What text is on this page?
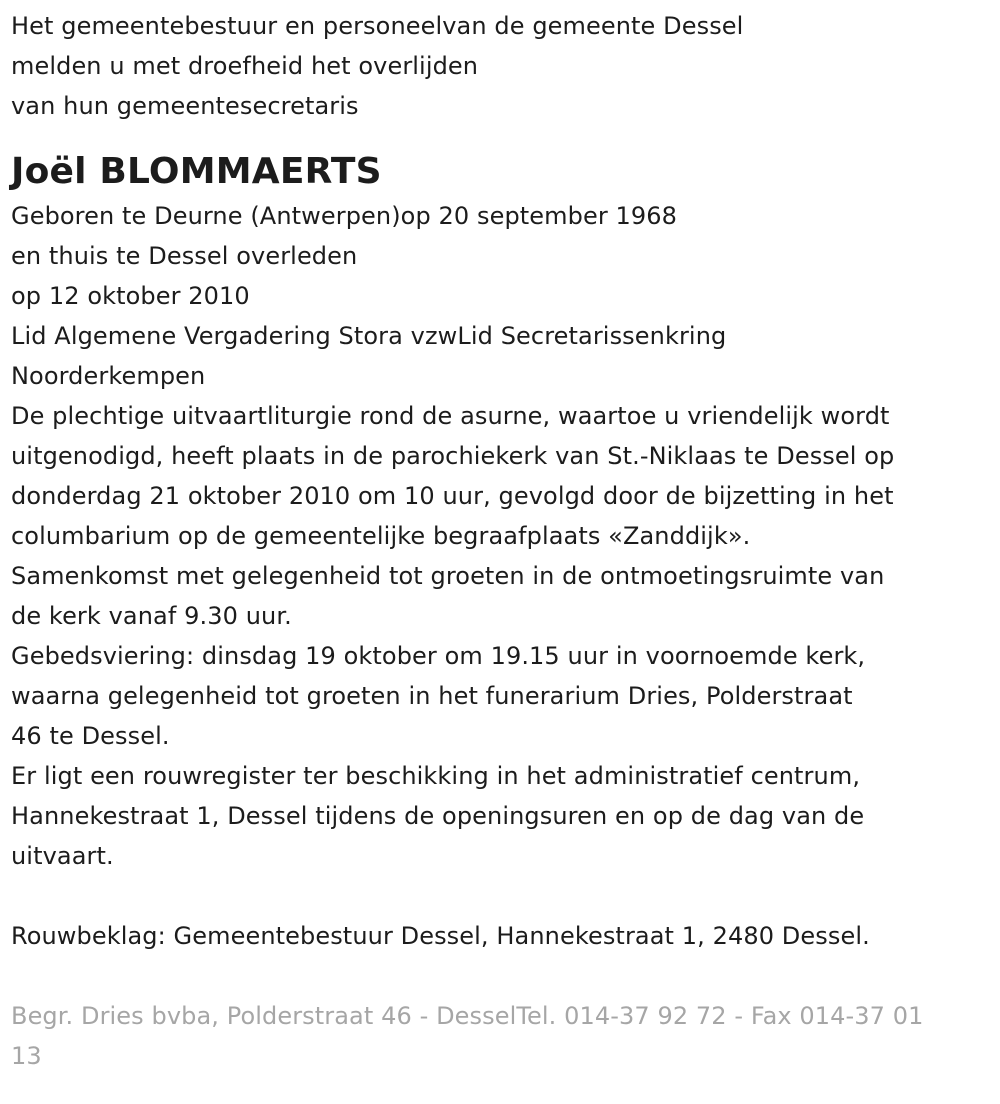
Het gemeentebestuur en personeelvan de gemeente Dessel
melden u met droefheid het overlijden
van hun gemeentesecretaris
Joël BLOMMAERTS
Geboren te Deurne (Antwerpen)op 20 september 1968
en thuis te Dessel overleden
op 12 oktober 2010
Lid Algemene Vergadering Stora vzwLid Secretarissenkring
Noorderkempen
De plechtige uitvaartliturgie rond de asurne, waartoe u vriendelijk wordt
uitgenodigd, heeft plaats in de parochiekerk van St.-Niklaas te Dessel op
donderdag 21 oktober 2010 om 10 uur, gevolgd door de bijzetting in het
columbarium op de gemeentelijke begraafplaats «Zanddijk».
Samenkomst met gelegenheid tot groeten in de ontmoetingsruimte van
de kerk vanaf 9.30 uur.
Gebedsviering: dinsdag 19 oktober om 19.15 uur in voornoemde kerk,
waarna gelegenheid tot groeten in het funerarium Dries, Polderstraat
46 te Dessel.
Er ligt een rouwregister ter beschikking in het administratief centrum,
Hannekestraat 1, Dessel tijdens de openingsuren en op de dag van de
uitvaart.
Rouwbeklag: Gemeentebestuur Dessel, Hannekestraat 1, 2480 Dessel.
Begr. Dries bvba, Polderstraat 46 - DesselTel. 014-37 92 72 - Fax 014-37 01
13
